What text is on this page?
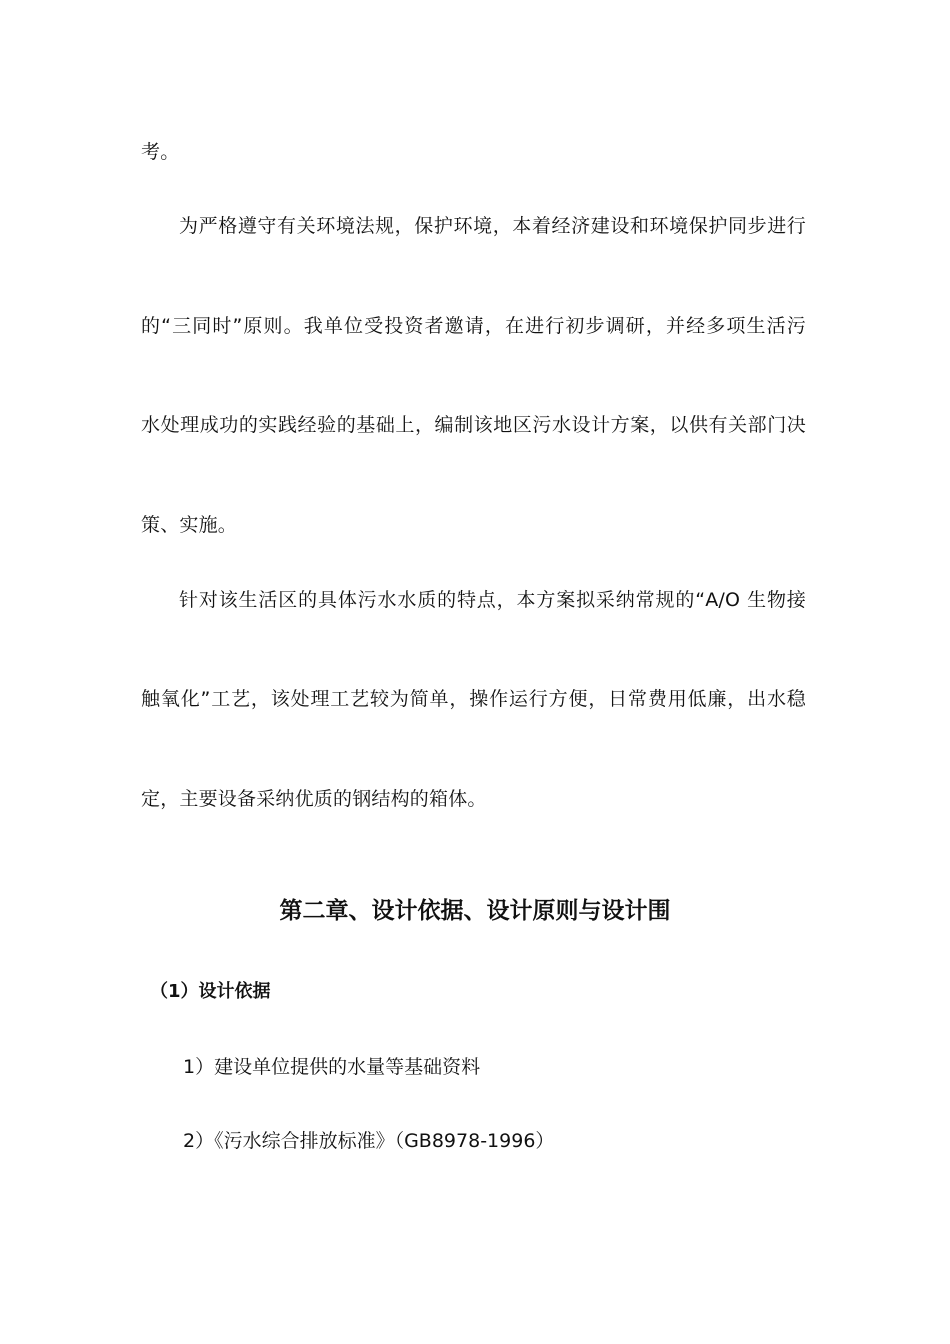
考。
为严格遵守有关环境法规，保护环境，本着经济建设和环境保护同步进行
的“三同时”原则。我单位受投资者邀请，在进行初步调研，并经多项生活污
水处理成功的实践经验的基础上，编制该地区污水设计方案，以供有关部门决
策、实施。
针对该生活区的具体污水水质的特点，本方案拟采纳常规的“A/O 生物接
触氧化”工艺，该处理工艺较为简单，操作运行方便，日常费用低廉，出水稳
定，主要设备采纳优质的钢结构的箱体。
第二章、设计依据、设计原则与设计围
（1）设计依据
1）建设单位提供的水量等基础资料
2）《污水综合排放标准》（GB8978-1996）
